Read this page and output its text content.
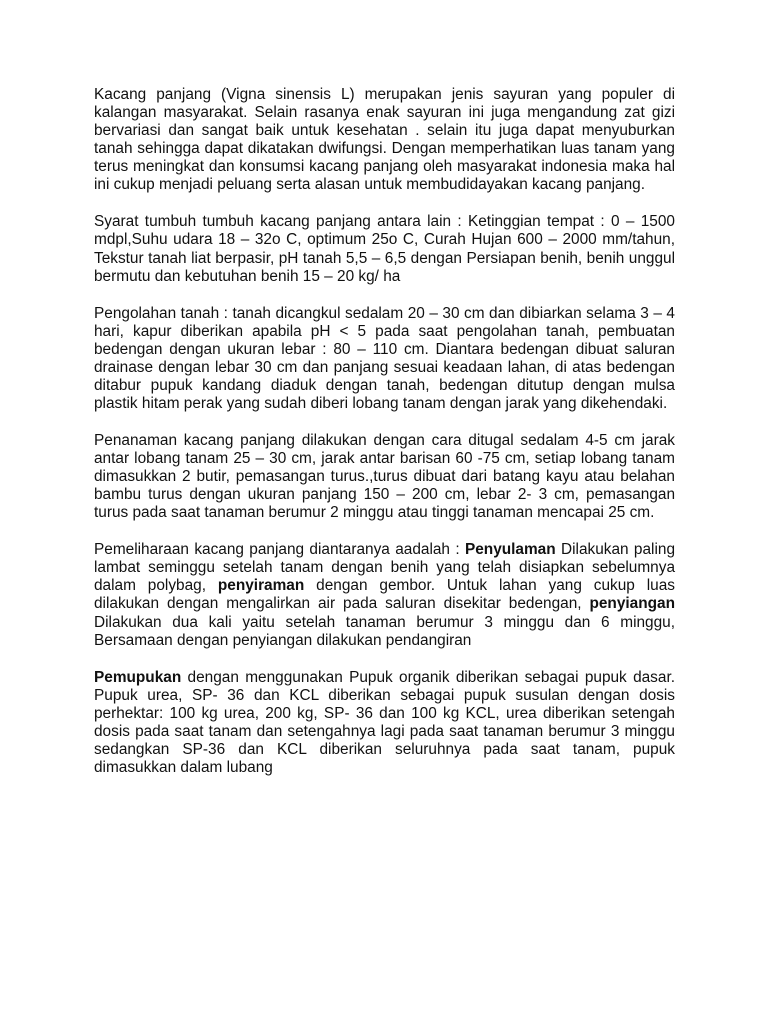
Kacang panjang (Vigna sinensis L) merupakan jenis sayuran yang populer di kalangan masyarakat. Selain rasanya enak sayuran ini juga mengandung zat gizi bervariasi dan sangat baik untuk kesehatan . selain itu juga dapat menyuburkan tanah sehingga dapat dikatakan dwifungsi. Dengan memperhatikan luas tanam yang terus meningkat dan konsumsi kacang panjang oleh masyarakat indonesia maka hal ini cukup menjadi peluang serta alasan untuk membudidayakan kacang panjang.

Syarat tumbuh tumbuh kacang panjang antara lain : Ketinggian tempat : 0 – 1500 mdpl,Suhu udara 18 – 32o C, optimum 25o C, Curah Hujan 600 – 2000 mm/tahun, Tekstur tanah liat berpasir, pH tanah 5,5 – 6,5 dengan Persiapan benih, benih unggul bermutu dan kebutuhan benih 15 – 20 kg/ ha

Pengolahan tanah : tanah dicangkul sedalam 20 – 30 cm dan dibiarkan selama 3 – 4 hari, kapur diberikan apabila pH < 5 pada saat pengolahan tanah, pembuatan bedengan dengan ukuran lebar : 80 – 110 cm. Diantara bedengan dibuat saluran drainase dengan lebar 30 cm dan panjang sesuai keadaan lahan, di atas bedengan ditabur pupuk kandang diaduk dengan tanah, bedengan ditutup dengan mulsa plastik hitam perak yang sudah diberi lobang tanam dengan jarak yang dikehendaki.

Penanaman kacang panjang dilakukan dengan cara ditugal sedalam 4-5 cm jarak antar lobang tanam 25 – 30 cm, jarak antar barisan 60 -75 cm, setiap lobang tanam dimasukkan 2 butir, pemasangan turus.,turus dibuat dari batang kayu atau belahan bambu turus dengan ukuran panjang 150 – 200 cm, lebar 2- 3 cm, pemasangan turus pada saat tanaman berumur 2 minggu atau tinggi tanaman mencapai 25 cm.

Pemeliharaan kacang panjang diantaranya aadalah : Penyulaman Dilakukan paling lambat seminggu setelah tanam dengan benih yang telah disiapkan sebelumnya dalam polybag, penyiraman dengan gembor. Untuk lahan yang cukup luas dilakukan dengan mengalirkan air pada saluran disekitar bedengan, penyiangan Dilakukan dua kali yaitu setelah tanaman berumur 3 minggu dan 6 minggu, Bersamaan dengan penyiangan dilakukan pendangiran

Pemupukan dengan menggunakan Pupuk organik diberikan sebagai pupuk dasar. Pupuk urea, SP- 36 dan KCL diberikan sebagai pupuk susulan dengan dosis perhektar: 100 kg urea, 200 kg, SP- 36 dan 100 kg KCL, urea diberikan setengah dosis pada saat tanam dan setengahnya lagi pada saat tanaman berumur 3 minggu sedangkan SP-36 dan KCL diberikan seluruhnya pada saat tanam, pupuk dimasukkan dalam lubang
